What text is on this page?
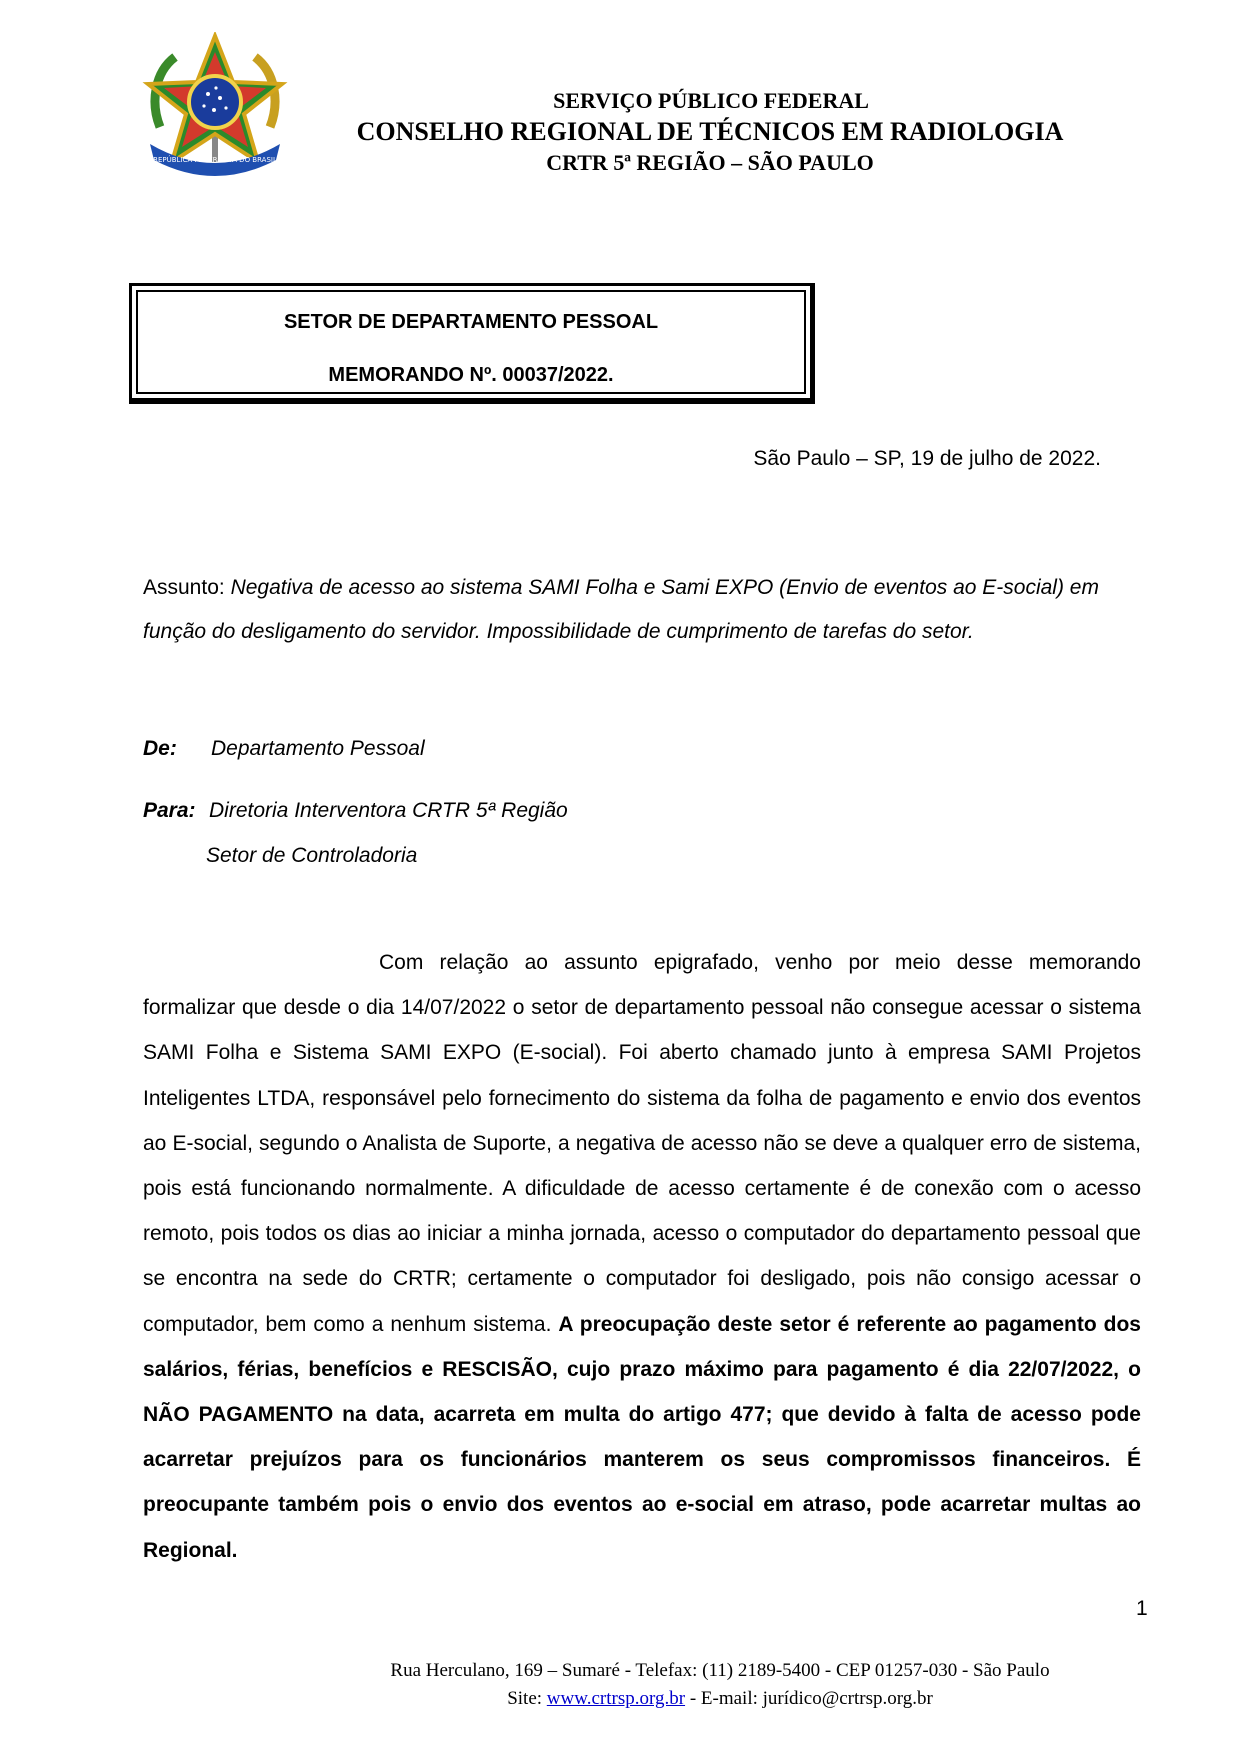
REPÚBLICA FEDERATIVA DO BRASIL
SERVIÇO PÚBLICO FEDERAL
CONSELHO REGIONAL DE TÉCNICOS EM RADIOLOGIA
CRTR 5ª REGIÃO – SÃO PAULO
SETOR DE DEPARTAMENTO PESSOAL
MEMORANDO Nº. 00037/2022.
São Paulo – SP, 19 de julho de 2022.
Assunto: Negativa de acesso ao sistema SAMI Folha e Sami EXPO (Envio de eventos ao E-social) em função do desligamento do servidor. Impossibilidade de cumprimento de tarefas do setor.
De: Departamento Pessoal
Para: Diretoria Interventora CRTR 5ª Região
Setor de Controladoria
Com relação ao assunto epigrafado, venho por meio desse memorando formalizar que desde o dia 14/07/2022 o setor de departamento pessoal não consegue acessar o sistema SAMI Folha e Sistema SAMI EXPO (E-social). Foi aberto chamado junto à empresa SAMI Projetos Inteligentes LTDA, responsável pelo fornecimento do sistema da folha de pagamento e envio dos eventos ao E-social, segundo o Analista de Suporte, a negativa de acesso não se deve a qualquer erro de sistema, pois está funcionando normalmente. A dificuldade de acesso certamente é de conexão com o acesso remoto, pois todos os dias ao iniciar a minha jornada, acesso o computador do departamento pessoal que se encontra na sede do CRTR; certamente o computador foi desligado, pois não consigo acessar o computador, bem como a nenhum sistema. A preocupação deste setor é referente ao pagamento dos salários, férias, benefícios e RESCISÃO, cujo prazo máximo para pagamento é dia 22/07/2022, o NÃO PAGAMENTO na data, acarreta em multa do artigo 477; que devido à falta de acesso pode acarretar prejuízos para os funcionários manterem os seus compromissos financeiros. É preocupante também pois o envio dos eventos ao e-social em atraso, pode acarretar multas ao Regional.
1
Rua Herculano, 169 – Sumaré - Telefax: (11) 2189-5400 - CEP 01257-030 - São Paulo
Site: www.crtrsp.org.br - E-mail: jurídico@crtrsp.org.br
